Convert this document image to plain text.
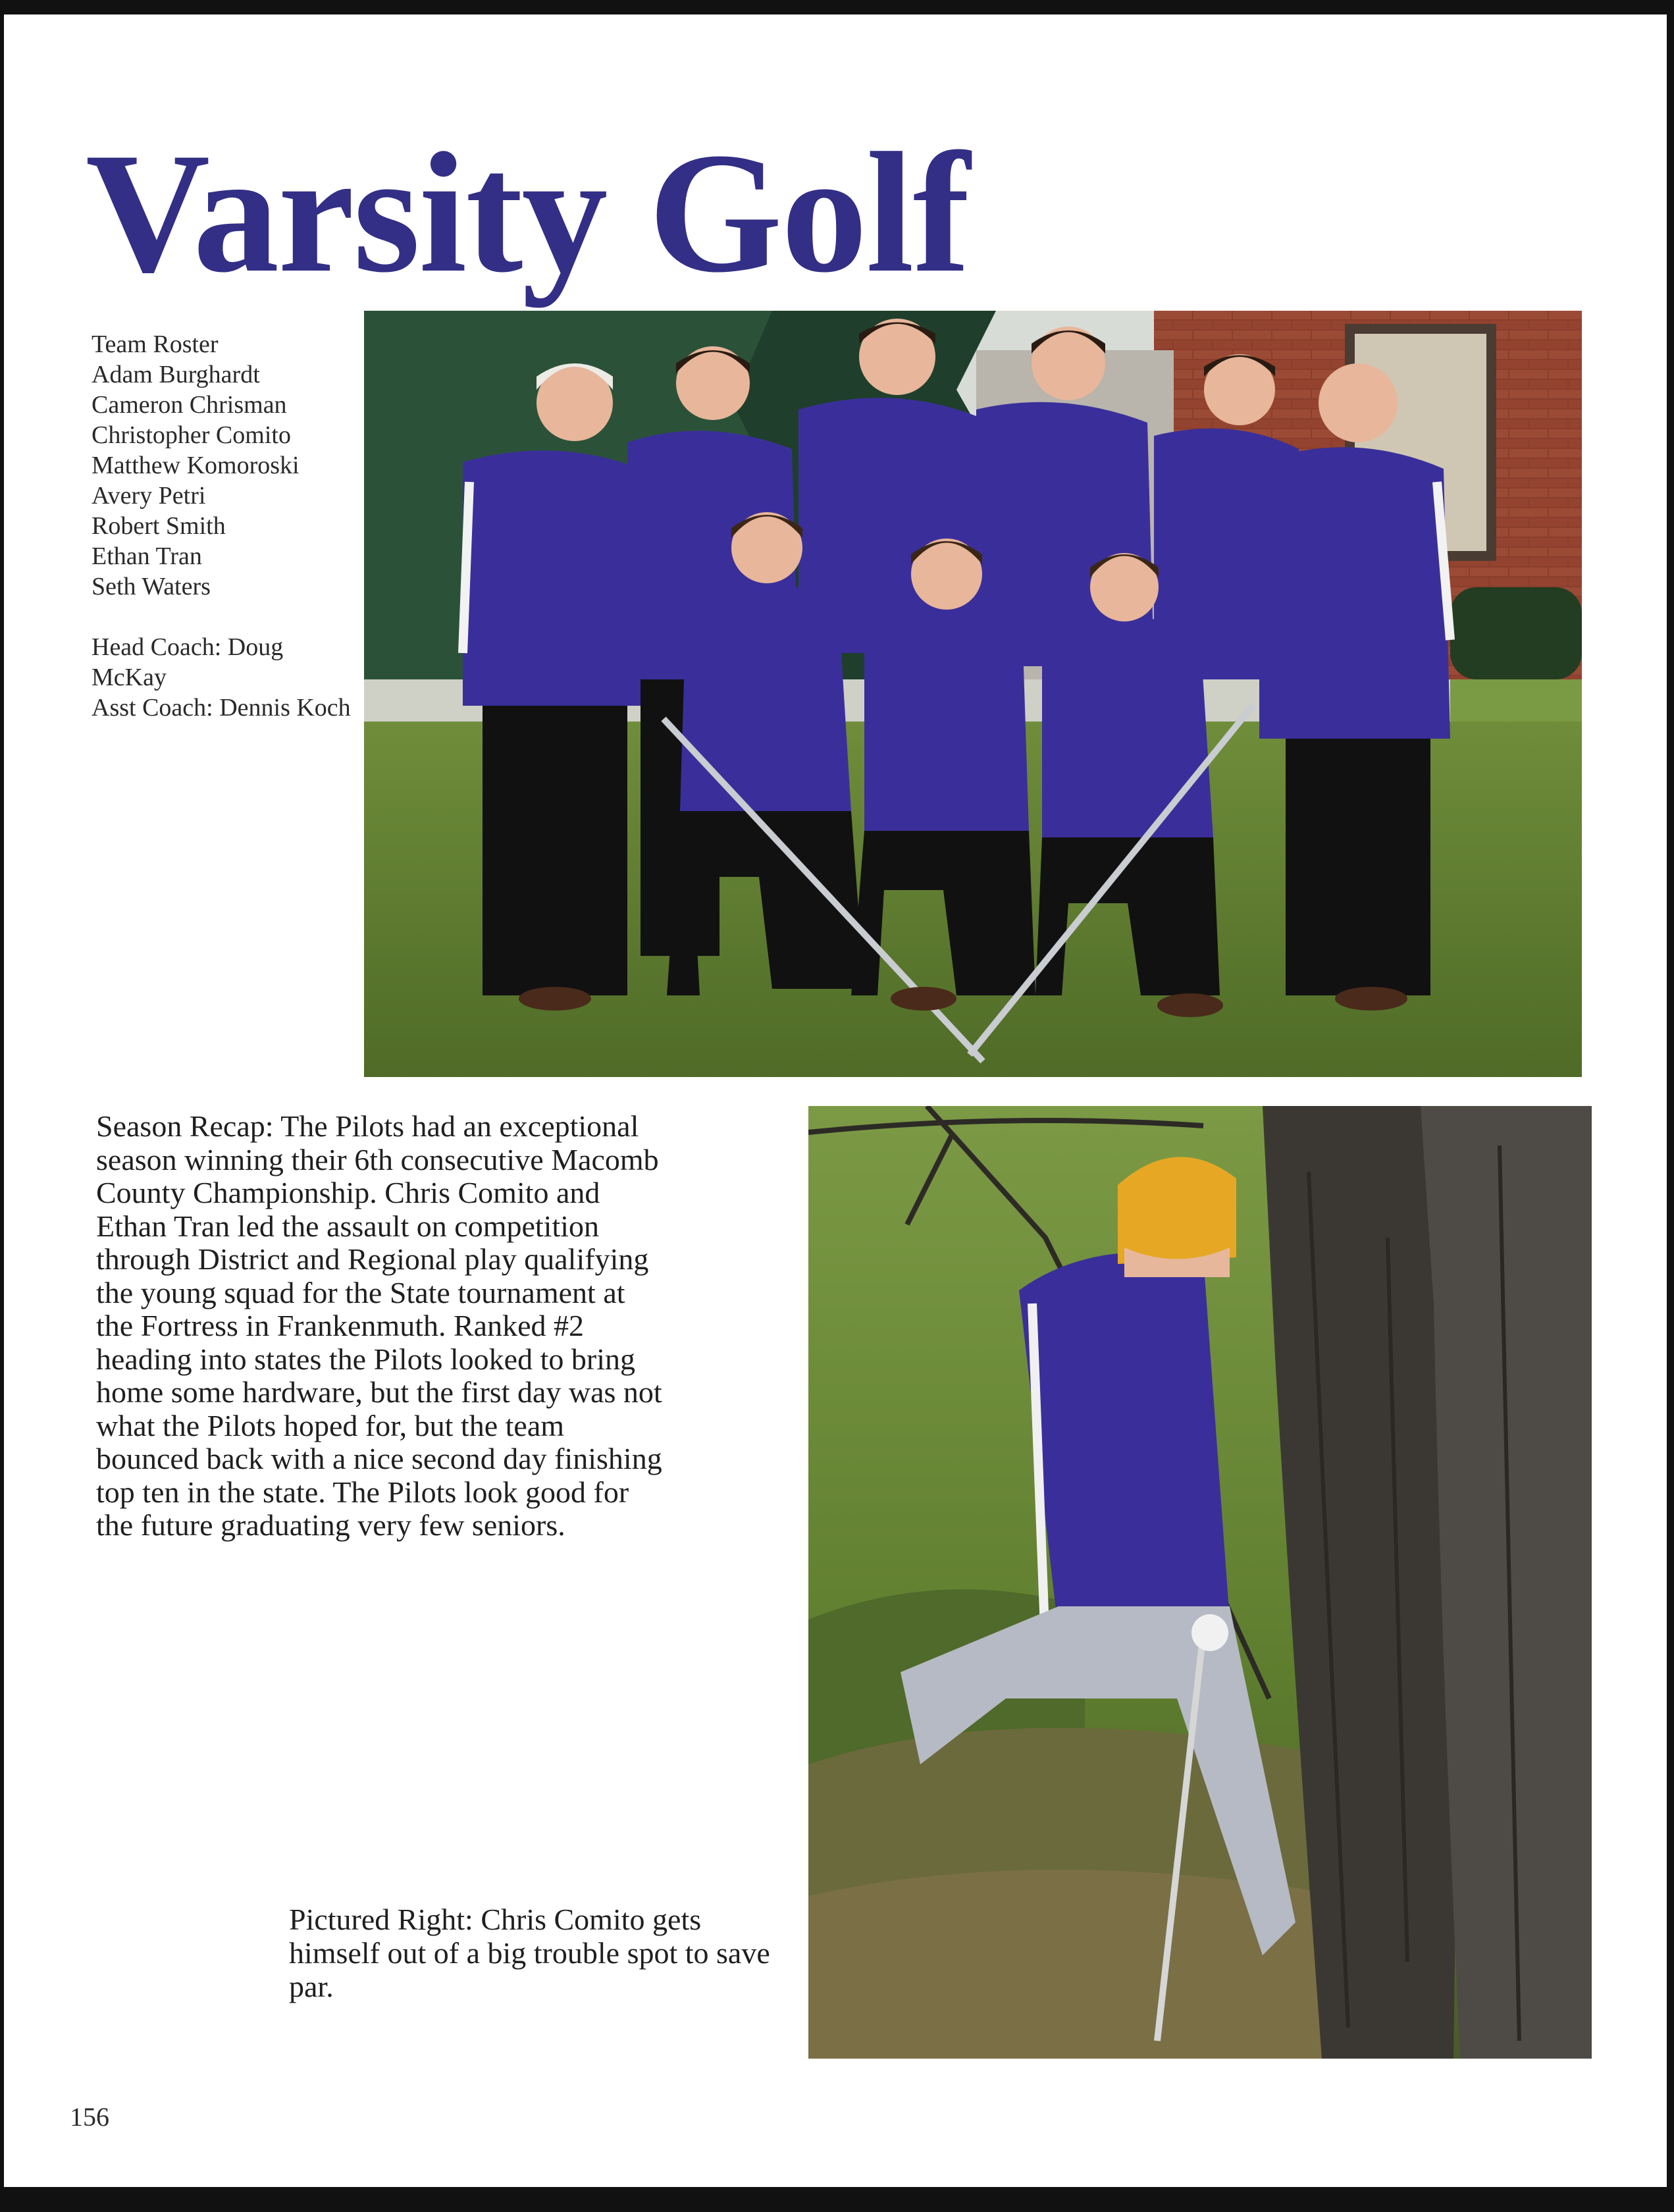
Varsity Golf
Team Roster
Adam Burghardt
Cameron Chrisman
Christopher Comito
Matthew Komoroski
Avery Petri
Robert Smith
Ethan Tran
Seth Waters
Head Coach: Doug McKay
Asst Coach: Dennis Koch

Season Recap: The Pilots had an exceptional season winning their 6th consecutive Macomb County Championship. Chris Comito and Ethan Tran led the assault on competition through District and Regional play qualifying the young squad for the State tournament at the Fortress in Frankenmuth. Ranked #2 heading into states the Pilots looked to bring home some hardware, but the first day was not what the Pilots hoped for, but the team bounced back with a nice second day finishing top ten in the state. The Pilots look good for the future graduating very few seniors.

Pictured Right: Chris Comito gets himself out of a big trouble spot to save par.

156
